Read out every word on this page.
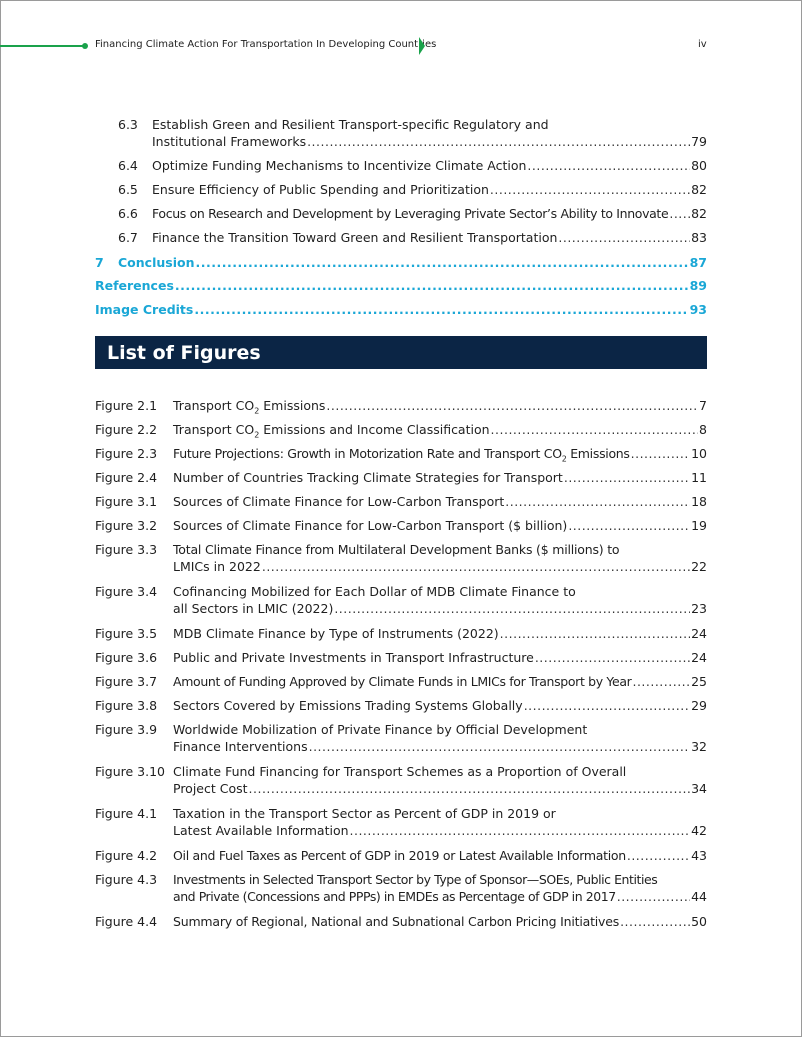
Financing Climate Action For Transportation In Developing Countries	iv
6.3 Establish Green and Resilient Transport-specific Regulatory and
Institutional Frameworks .....	79
6.4 Optimize Funding Mechanisms to Incentivize Climate Action .....	80
6.5 Ensure Efficiency of Public Spending and Prioritization .....	82
6.6 Focus on Research and Development by Leveraging Private Sector’s Ability to Innovate ..... 82
6.7 Finance the Transition Toward Green and Resilient Transportation .....	83
7 Conclusion .....	87
References .....	89
Image Credits .....	93
List of Figures
Figure 2.1 Transport $CO_2$ Emissions .....	7
Figure 2.2 Transport $CO_2$ Emissions and Income Classification .....	8
Figure 2.3 Future Projections: Growth in Motorization Rate and Transport $CO_2$ Emissions .....	10
Figure 2.4 Number of Countries Tracking Climate Strategies for Transport .....	11
Figure 3.1 Sources of Climate Finance for Low-Carbon Transport .....	18
Figure 3.2 Sources of Climate Finance for Low-Carbon Transport ($ billion) .....	19
Figure 3.3 Total Climate Finance from Multilateral Development Banks ($ millions) to
LMICs in 2022 .....	22
Figure 3.4 Cofinancing Mobilized for Each Dollar of MDB Climate Finance to
all Sectors in LMIC (2022) .....	23
Figure 3.5 MDB Climate Finance by Type of Instruments (2022) .....	24
Figure 3.6 Public and Private Investments in Transport Infrastructure .....	24
Figure 3.7 Amount of Funding Approved by Climate Funds in LMICs for Transport by Year .....	25
Figure 3.8 Sectors Covered by Emissions Trading Systems Globally .....	29
Figure 3.9 Worldwide Mobilization of Private Finance by Official Development
Finance Interventions .....	32
Figure 3.10 Climate Fund Financing for Transport Schemes as a Proportion of Overall
Project Cost .....	34
Figure 4.1 Taxation in the Transport Sector as Percent of GDP in 2019 or
Latest Available Information .....	42
Figure 4.2 Oil and Fuel Taxes as Percent of GDP in 2019 or Latest Available Information .....	43
Figure 4.3 Investments in Selected Transport Sector by Type of Sponsor—SOEs, Public Entities
and Private (Concessions and PPPs) in EMDEs as Percentage of GDP in 2017 .....	44
Figure 4.4 Summary of Regional, National and Subnational Carbon Pricing Initiatives .....	50
